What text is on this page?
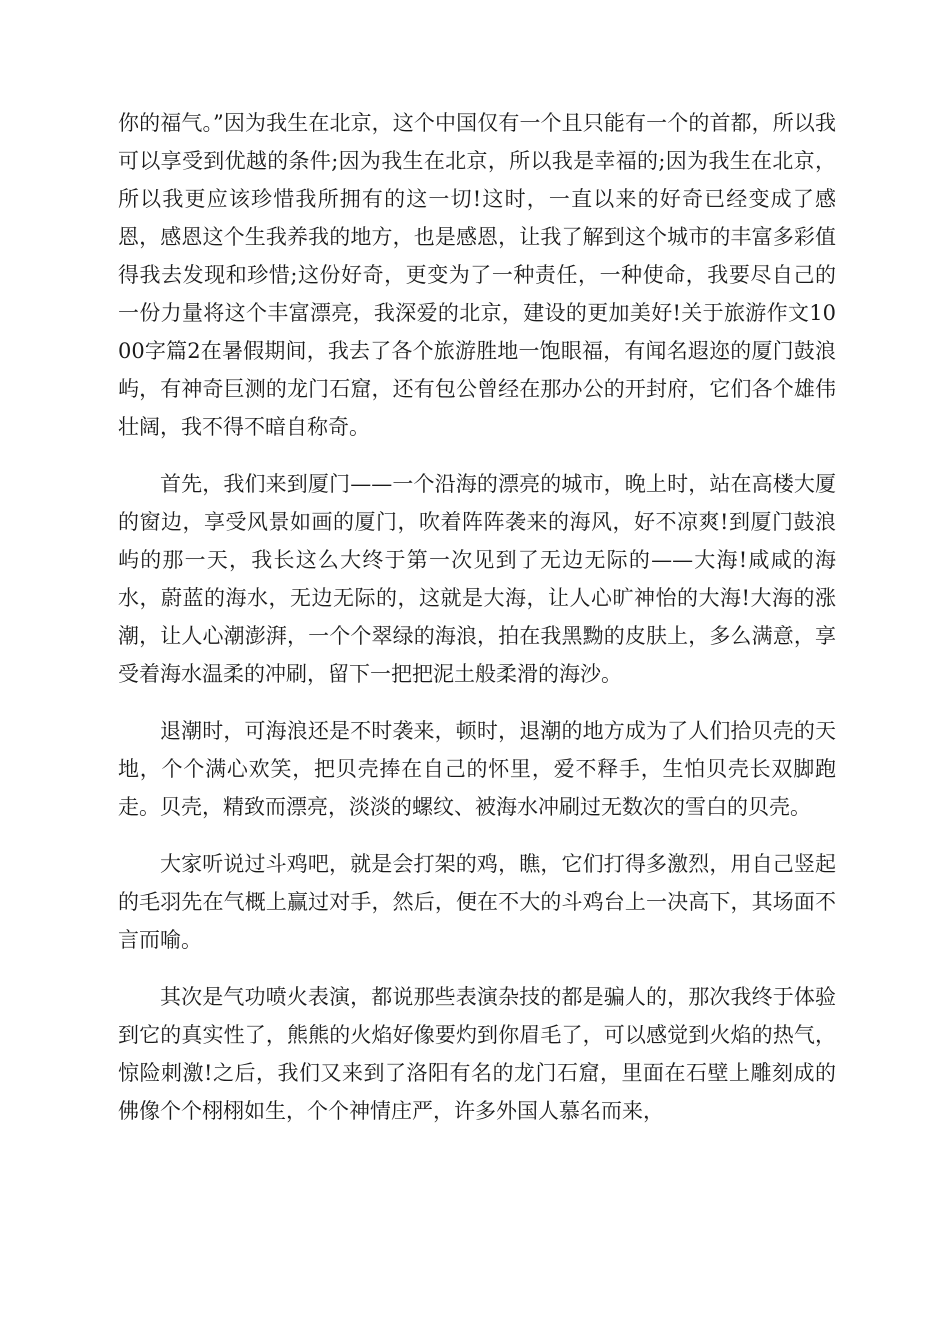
你的福气。”因为我生在北京，这个中国仅有一个且只能有一个的首都，所以我可以享受到优越的条件;因为我生在北京，所以我是幸福的;因为我生在北京，所以我更应该珍惜我所拥有的这一切!这时，一直以来的好奇已经变成了感恩，感恩这个生我养我的地方，也是感恩，让我了解到这个城市的丰富多彩值得我去发现和珍惜;这份好奇，更变为了一种责任，一种使命，我要尽自己的一份力量将这个丰富漂亮，我深爱的北京，建设的更加美好!关于旅游作文1000字篇2在暑假期间，我去了各个旅游胜地一饱眼福，有闻名遐迩的厦门鼓浪屿，有神奇巨测的龙门石窟，还有包公曾经在那办公的开封府，它们各个雄伟壮阔，我不得不暗自称奇。

首先，我们来到厦门——一个沿海的漂亮的城市，晚上时，站在高楼大厦的窗边，享受风景如画的厦门，吹着阵阵袭来的海风，好不凉爽!到厦门鼓浪屿的那一天，我长这么大终于第一次见到了无边无际的——大海!咸咸的海水，蔚蓝的海水，无边无际的，这就是大海，让人心旷神怡的大海!大海的涨潮，让人心潮澎湃，一个个翠绿的海浪，拍在我黑黝的皮肤上，多么满意，享受着海水温柔的冲刷，留下一把把泥土般柔滑的海沙。

退潮时，可海浪还是不时袭来，顿时，退潮的地方成为了人们拾贝壳的天地，个个满心欢笑，把贝壳捧在自己的怀里，爱不释手，生怕贝壳长双脚跑走。贝壳，精致而漂亮，淡淡的螺纹、被海水冲刷过无数次的雪白的贝壳。

大家听说过斗鸡吧，就是会打架的鸡，瞧，它们打得多激烈，用自己竖起的毛羽先在气概上赢过对手，然后，便在不大的斗鸡台上一决高下，其场面不言而喻。

其次是气功喷火表演，都说那些表演杂技的都是骗人的，那次我终于体验到它的真实性了，熊熊的火焰好像要灼到你眉毛了，可以感觉到火焰的热气，惊险刺激!之后，我们又来到了洛阳有名的龙门石窟，里面在石壁上雕刻成的佛像个个栩栩如生，个个神情庄严，许多外国人慕名而来，
